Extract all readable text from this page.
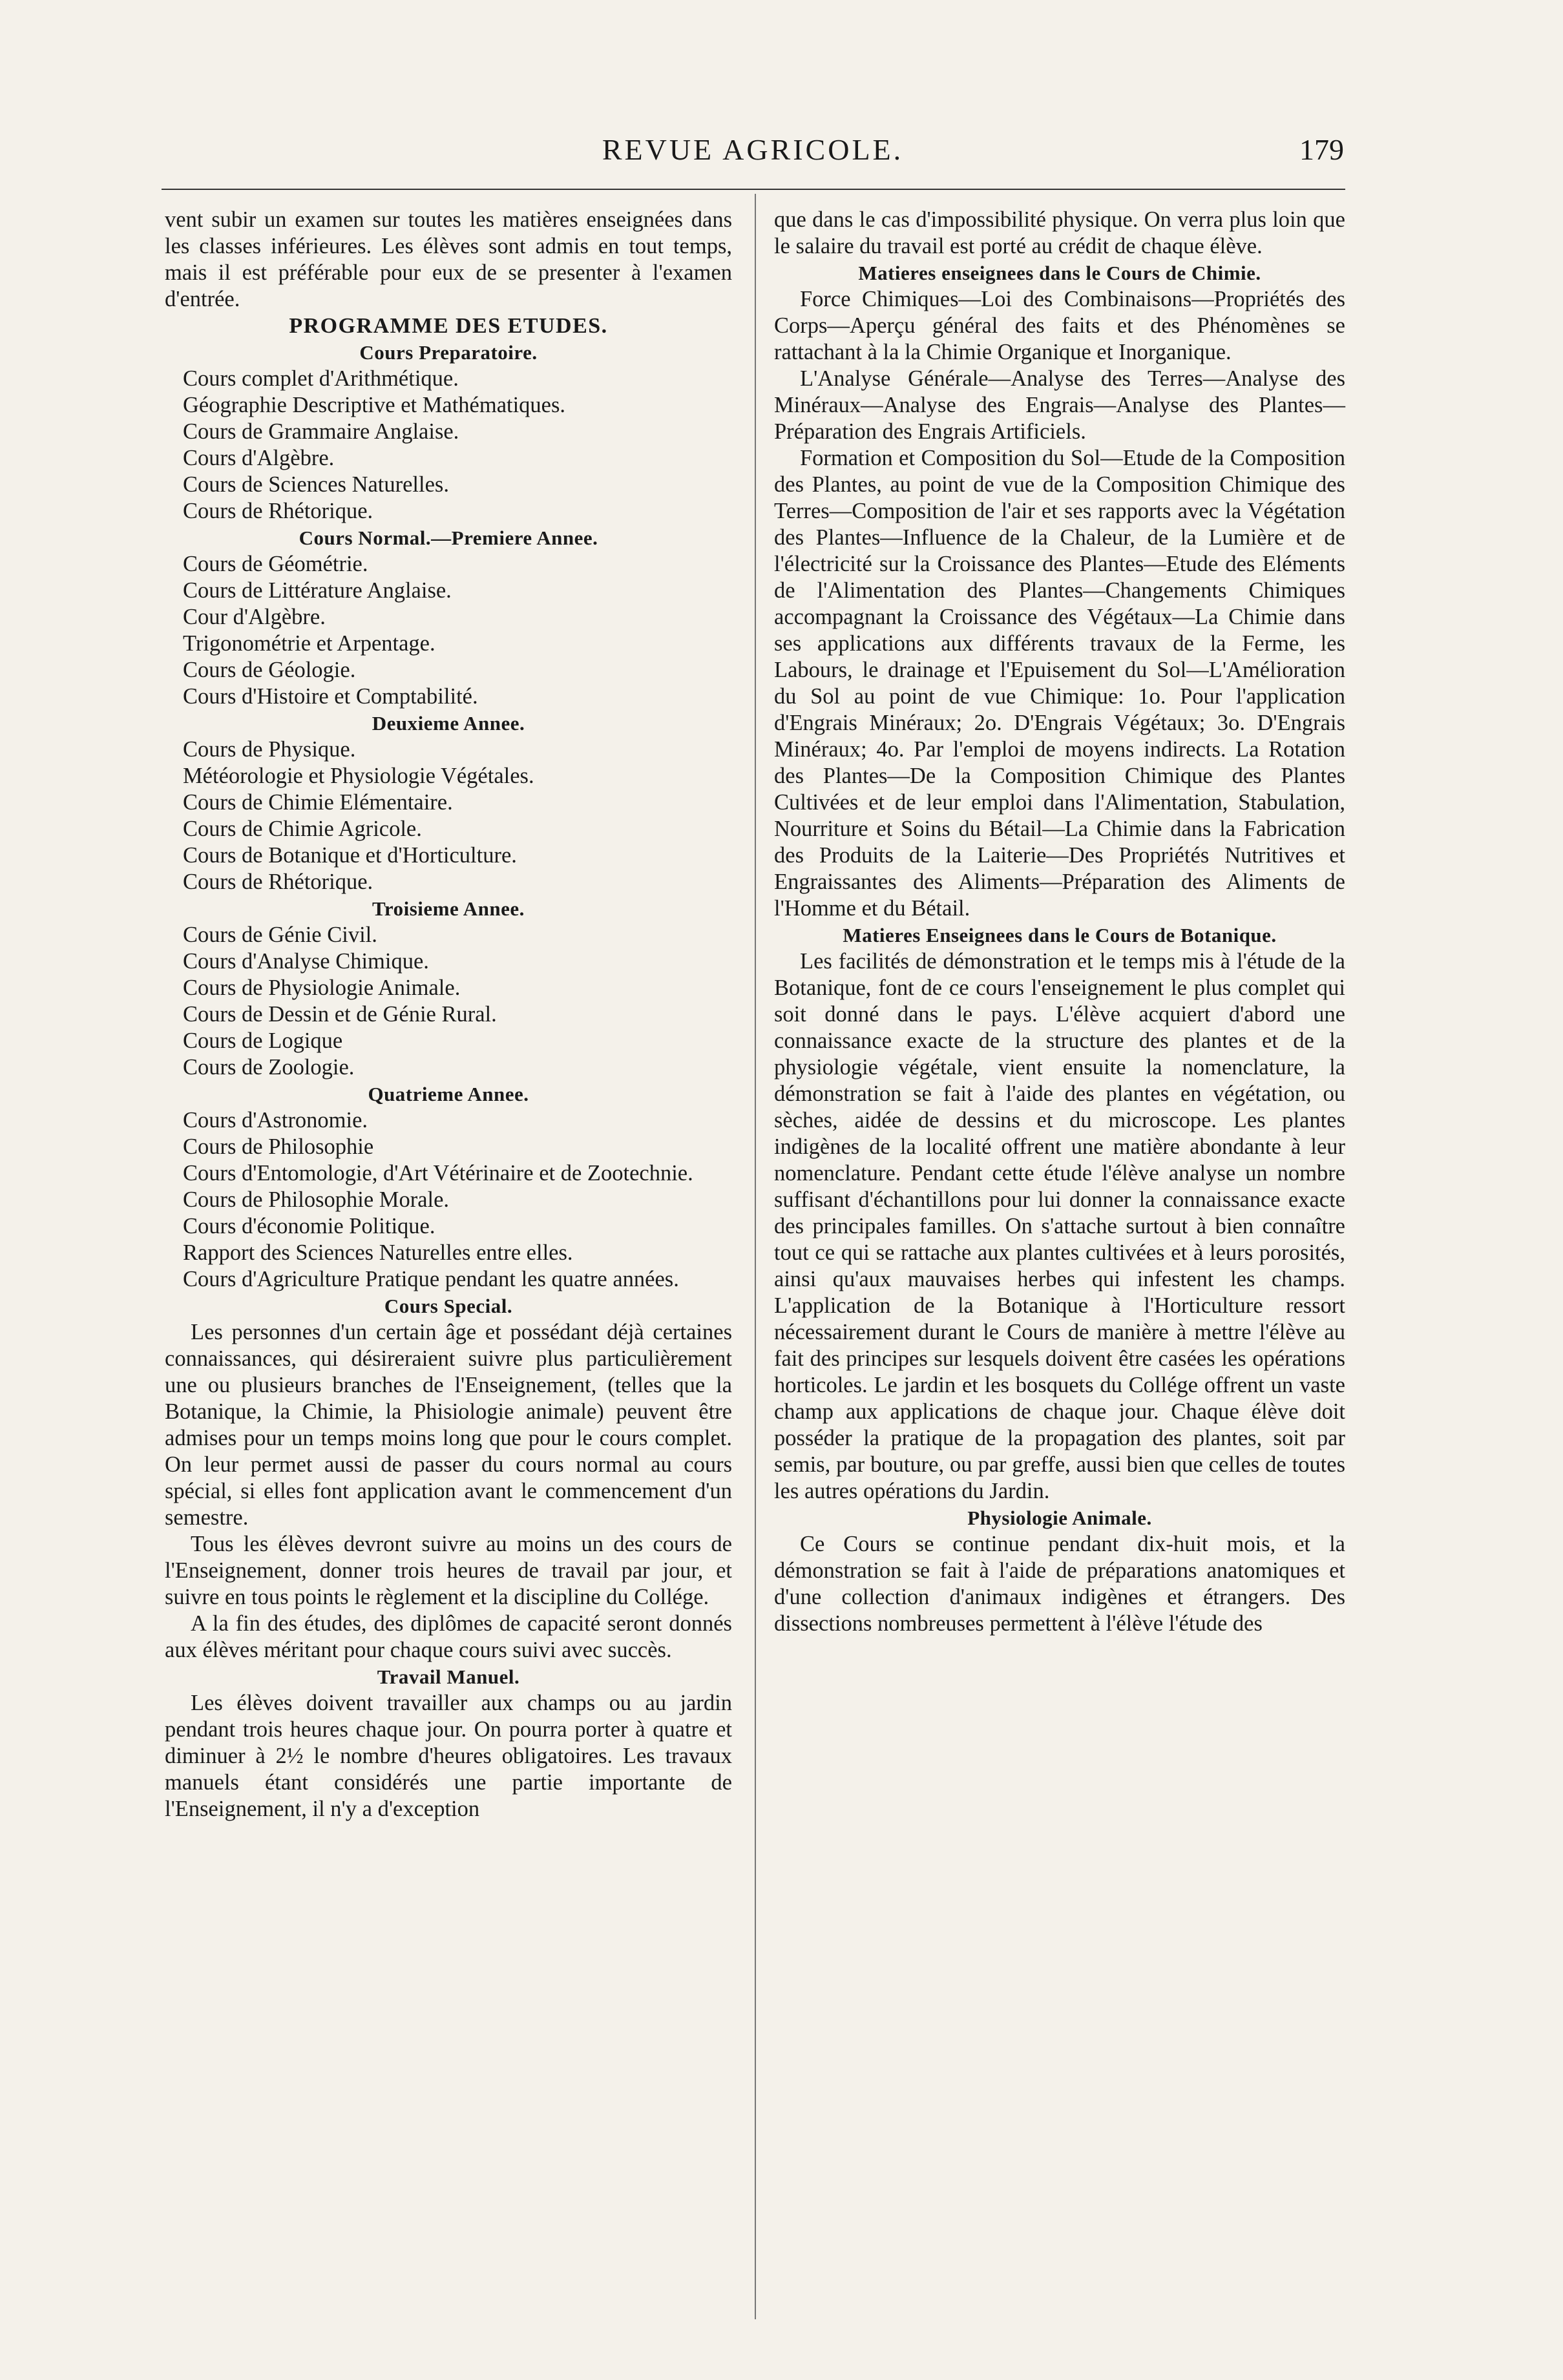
REVUE AGRICOLE.	179

vent subir un examen sur toutes les matières enseignées dans les classes inférieures. Les élèves sont admis en tout temps, mais il est préférable pour eux de se presenter à l'examen d'entrée.

PROGRAMME DES ETUDES.

Cours Preparatoire.

Cours complet d'Arithmétique.
Géographie Descriptive et Mathématiques.
Cours de Grammaire Anglaise.
Cours d'Algèbre.
Cours de Sciences Naturelles.
Cours de Rhétorique.

Cours Normal.—Premiere Annee.

Cours de Géométrie.
Cours de Littérature Anglaise.
Cour d'Algèbre.
Trigonométrie et Arpentage.
Cours de Géologie.
Cours d'Histoire et Comptabilité.

Deuxieme Annee.

Cours de Physique.
Météorologie et Physiologie Végétales.
Cours de Chimie Elémentaire.
Cours de Chimie Agricole.
Cours de Botanique et d'Horticulture.
Cours de Rhétorique.

Troisieme Annee.

Cours de Génie Civil.
Cours d'Analyse Chimique.
Cours de Physiologie Animale.
Cours de Dessin et de Génie Rural.
Cours de Logique
Cours de Zoologie.

Quatrieme Annee.

Cours d'Astronomie.
Cours de Philosophie
Cours d'Entomologie, d'Art Vétérinaire et de Zootechnie.
Cours de Philosophie Morale.
Cours d'économie Politique.
Rapport des Sciences Naturelles entre elles.
Cours d'Agriculture Pratique pendant les quatre années.

Cours Special.

Les personnes d'un certain âge et possédant déjà certaines connaissances, qui désireraient suivre plus particulièrement une ou plusieurs branches de l'Enseignement, (telles que la Botanique, la Chimie, la Phisiologie animale) peuvent être admises pour un temps moins long que pour le cours complet. On leur permet aussi de passer du cours normal au cours spécial, si elles font application avant le commencement d'un semestre.

Tous les élèves devront suivre au moins un des cours de l'Enseignement, donner trois heures de travail par jour, et suivre en tous points le règlement et la discipline du Collége.

A la fin des études, des diplômes de capacité seront donnés aux élèves méritant pour chaque cours suivi avec succès.

Travail Manuel.

Les élèves doivent travailler aux champs ou au jardin pendant trois heures chaque jour. On pourra porter à quatre et diminuer à 2½ le nombre d'heures obligatoires. Les travaux manuels étant considérés une partie importante de l'Enseignement, il n'y a d'exception

que dans le cas d'impossibilité physique. On verra plus loin que le salaire du travail est porté au crédit de chaque élève.

Matieres enseignees dans le Cours de Chimie.

Force Chimiques—Loi des Combinaisons—Propriétés des Corps—Aperçu général des faits et des Phénomènes se rattachant à la la Chimie Organique et Inorganique.

L'Analyse Générale—Analyse des Terres—Analyse des Minéraux—Analyse des Engrais—Analyse des Plantes—Préparation des Engrais Artificiels.

Formation et Composition du Sol—Etude de la Composition des Plantes, au point de vue de la Composition Chimique des Terres—Composition de l'air et ses rapports avec la Végétation des Plantes—Influence de la Chaleur, de la Lumière et de l'électricité sur la Croissance des Plantes—Etude des Eléments de l'Alimentation des Plantes—Changements Chimiques accompagnant la Croissance des Végétaux—La Chimie dans ses applications aux différents travaux de la Ferme, les Labours, le drainage et l'Epuisement du Sol—L'Amélioration du Sol au point de vue Chimique: 1o. Pour l'application d'Engrais Minéraux; 2o. D'Engrais Végétaux; 3o. D'Engrais Minéraux; 4o. Par l'emploi de moyens indirects. La Rotation des Plantes—De la Composition Chimique des Plantes Cultivées et de leur emploi dans l'Alimentation, Stabulation, Nourriture et Soins du Bétail—La Chimie dans la Fabrication des Produits de la Laiterie—Des Propriétés Nutritives et Engraissantes des Aliments—Préparation des Aliments de l'Homme et du Bétail.

Matieres Enseignees dans le Cours de Botanique.

Les facilités de démonstration et le temps mis à l'étude de la Botanique, font de ce cours l'enseignement le plus complet qui soit donné dans le pays. L'élève acquiert d'abord une connaissance exacte de la structure des plantes et de la physiologie végétale, vient ensuite la nomenclature, la démonstration se fait à l'aide des plantes en végétation, ou sèches, aidée de dessins et du microscope. Les plantes indigènes de la localité offrent une matière abondante à leur nomenclature. Pendant cette étude l'élève analyse un nombre suffisant d'échantillons pour lui donner la connaissance exacte des principales familles. On s'attache surtout à bien connaître tout ce qui se rattache aux plantes cultivées et à leurs porosités, ainsi qu'aux mauvaises herbes qui infestent les champs. L'application de la Botanique à l'Horticulture ressort nécessairement durant le Cours de manière à mettre l'élève au fait des principes sur lesquels doivent être casées les opérations horticoles. Le jardin et les bosquets du Collége offrent un vaste champ aux applications de chaque jour. Chaque élève doit posséder la pratique de la propagation des plantes, soit par semis, par bouture, ou par greffe, aussi bien que celles de toutes les autres opérations du Jardin.

Physiologie Animale.

Ce Cours se continue pendant dix-huit mois, et la démonstration se fait à l'aide de préparations anatomiques et d'une collection d'animaux indigènes et étrangers. Des dissections nombreuses permettent à l'élève l'étude des
